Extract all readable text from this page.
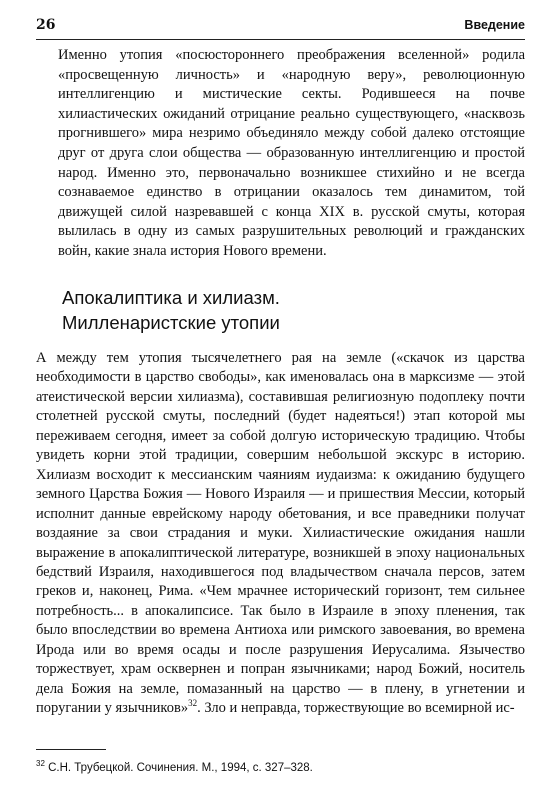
26	Введение

Именно утопия «посюстороннего преображения вселенной» родила «просвещенную личность» и «народную веру», революционную интеллигенцию и мистические секты. Родившееся на почве хилиастических ожиданий отрицание реально существующего, «насквозь прогнившего» мира незримо объединяло между собой далеко отстоящие друг от друга слои общества — образованную интеллигенцию и простой народ. Именно это, первоначально возникшее стихийно и не всегда сознаваемое единство в отрицании оказалось тем динамитом, той движущей силой назревавшей с конца XIX в. русской смуты, которая вылилась в одну из самых разрушительных революций и гражданских войн, какие знала история Нового времени.

Апокалиптика и хилиазм.
Милленаристские утопии

А между тем утопия тысячелетнего рая на земле («скачок из царства необходимости в царство свободы», как именовалась она в марксизме — этой атеистической версии хилиазма), составившая религиозную подоплеку почти столетней русской смуты, последний (будет надеяться!) этап которой мы переживаем сегодня, имеет за собой долгую историческую традицию. Чтобы увидеть корни этой традиции, совершим небольшой экскурс в историю. Хилиазм восходит к мессианским чаяниям иудаизма: к ожиданию будущего земного Царства Божия — Нового Израиля — и пришествия Мессии, который исполнит данные еврейскому народу обетования, и все праведники получат воздаяние за свои страдания и муки. Хилиастические ожидания нашли выражение в апокалиптической литературе, возникшей в эпоху национальных бедствий Израиля, находившегося под владычеством сначала персов, затем греков и, наконец, Рима. «Чем мрачнее исторический горизонт, тем сильнее потребность... в апокалипсисе. Так было в Израиле в эпоху пленения, так было впоследствии во времена Антиоха или римского завоевания, во времена Ирода или во время осады и после разрушения Иерусалима. Язычество торжествует, храм осквернен и попран язычниками; народ Божий, носитель дела Божия на земле, помазанный на царство — в плену, в угнетении и поругании у язычников»$^{32}$. Зло и неправда, торжествующие во всемирной ис-

$^{32}$ С.Н. Трубецкой. Сочинения. М., 1994, с. 327–328.
